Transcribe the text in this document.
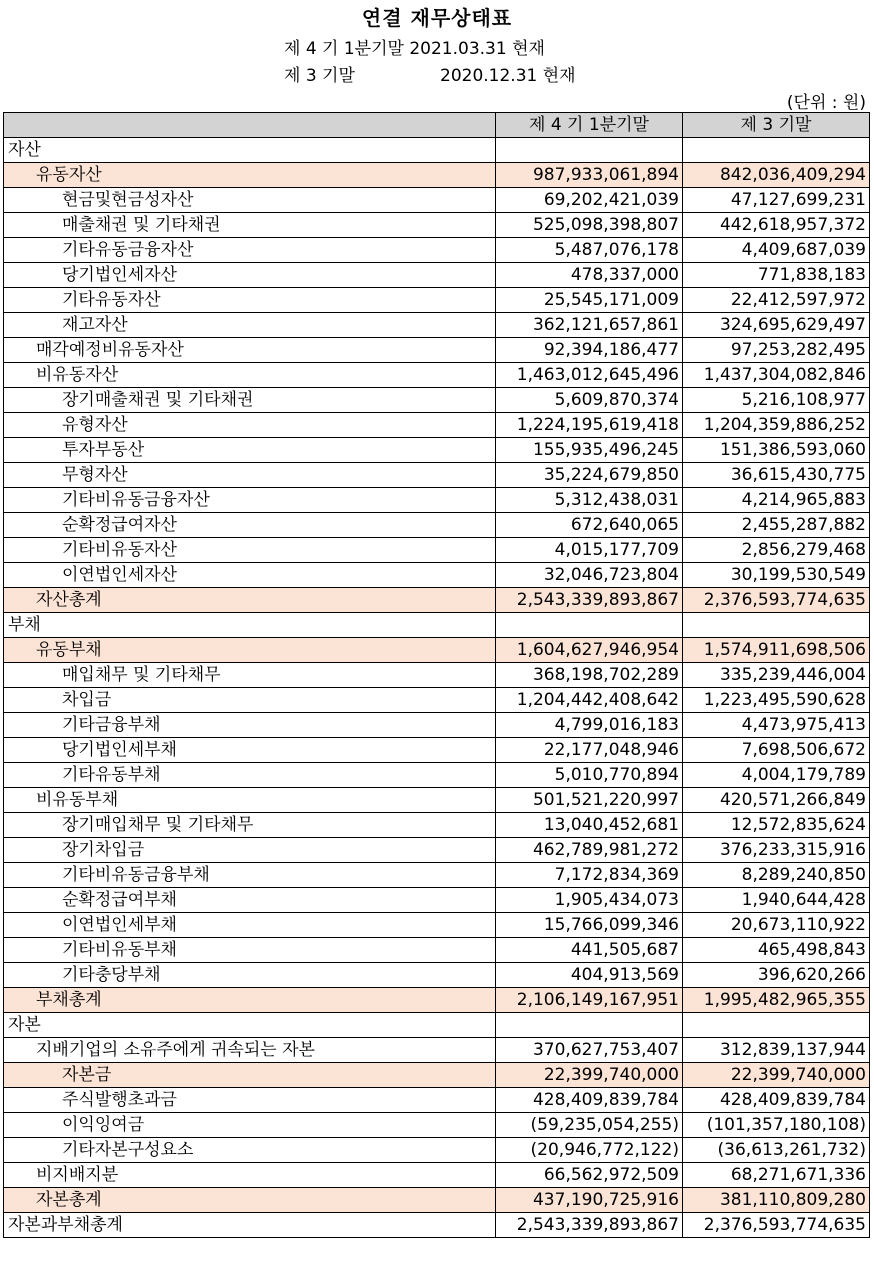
연결 재무상태표
제 4 기 1분기말 2021.03.31 현재
제 3 기말	2020.12.31 현재
(단위 : 원)
	제 4 기 1분기말	제 3 기말
자산		
유동자산	987,933,061,894	842,036,409,294
현금및현금성자산	69,202,421,039	47,127,699,231
매출채권 및 기타채권	525,098,398,807	442,618,957,372
기타유동금융자산	5,487,076,178	4,409,687,039
당기법인세자산	478,337,000	771,838,183
기타유동자산	25,545,171,009	22,412,597,972
재고자산	362,121,657,861	324,695,629,497
매각예정비유동자산	92,394,186,477	97,253,282,495
비유동자산	1,463,012,645,496	1,437,304,082,846
장기매출채권 및 기타채권	5,609,870,374	5,216,108,977
유형자산	1,224,195,619,418	1,204,359,886,252
투자부동산	155,935,496,245	151,386,593,060
무형자산	35,224,679,850	36,615,430,775
기타비유동금융자산	5,312,438,031	4,214,965,883
순확정급여자산	672,640,065	2,455,287,882
기타비유동자산	4,015,177,709	2,856,279,468
이연법인세자산	32,046,723,804	30,199,530,549
자산총계	2,543,339,893,867	2,376,593,774,635
부채		
유동부채	1,604,627,946,954	1,574,911,698,506
매입채무 및 기타채무	368,198,702,289	335,239,446,004
차입금	1,204,442,408,642	1,223,495,590,628
기타금융부채	4,799,016,183	4,473,975,413
당기법인세부채	22,177,048,946	7,698,506,672
기타유동부채	5,010,770,894	4,004,179,789
비유동부채	501,521,220,997	420,571,266,849
장기매입채무 및 기타채무	13,040,452,681	12,572,835,624
장기차입금	462,789,981,272	376,233,315,916
기타비유동금융부채	7,172,834,369	8,289,240,850
순확정급여부채	1,905,434,073	1,940,644,428
이연법인세부채	15,766,099,346	20,673,110,922
기타비유동부채	441,505,687	465,498,843
기타충당부채	404,913,569	396,620,266
부채총계	2,106,149,167,951	1,995,482,965,355
자본		
지배기업의 소유주에게 귀속되는 자본	370,627,753,407	312,839,137,944
자본금	22,399,740,000	22,399,740,000
주식발행초과금	428,409,839,784	428,409,839,784
이익잉여금	(59,235,054,255)	(101,357,180,108)
기타자본구성요소	(20,946,772,122)	(36,613,261,732)
비지배지분	66,562,972,509	68,271,671,336
자본총계	437,190,725,916	381,110,809,280
자본과부채총계	2,543,339,893,867	2,376,593,774,635
